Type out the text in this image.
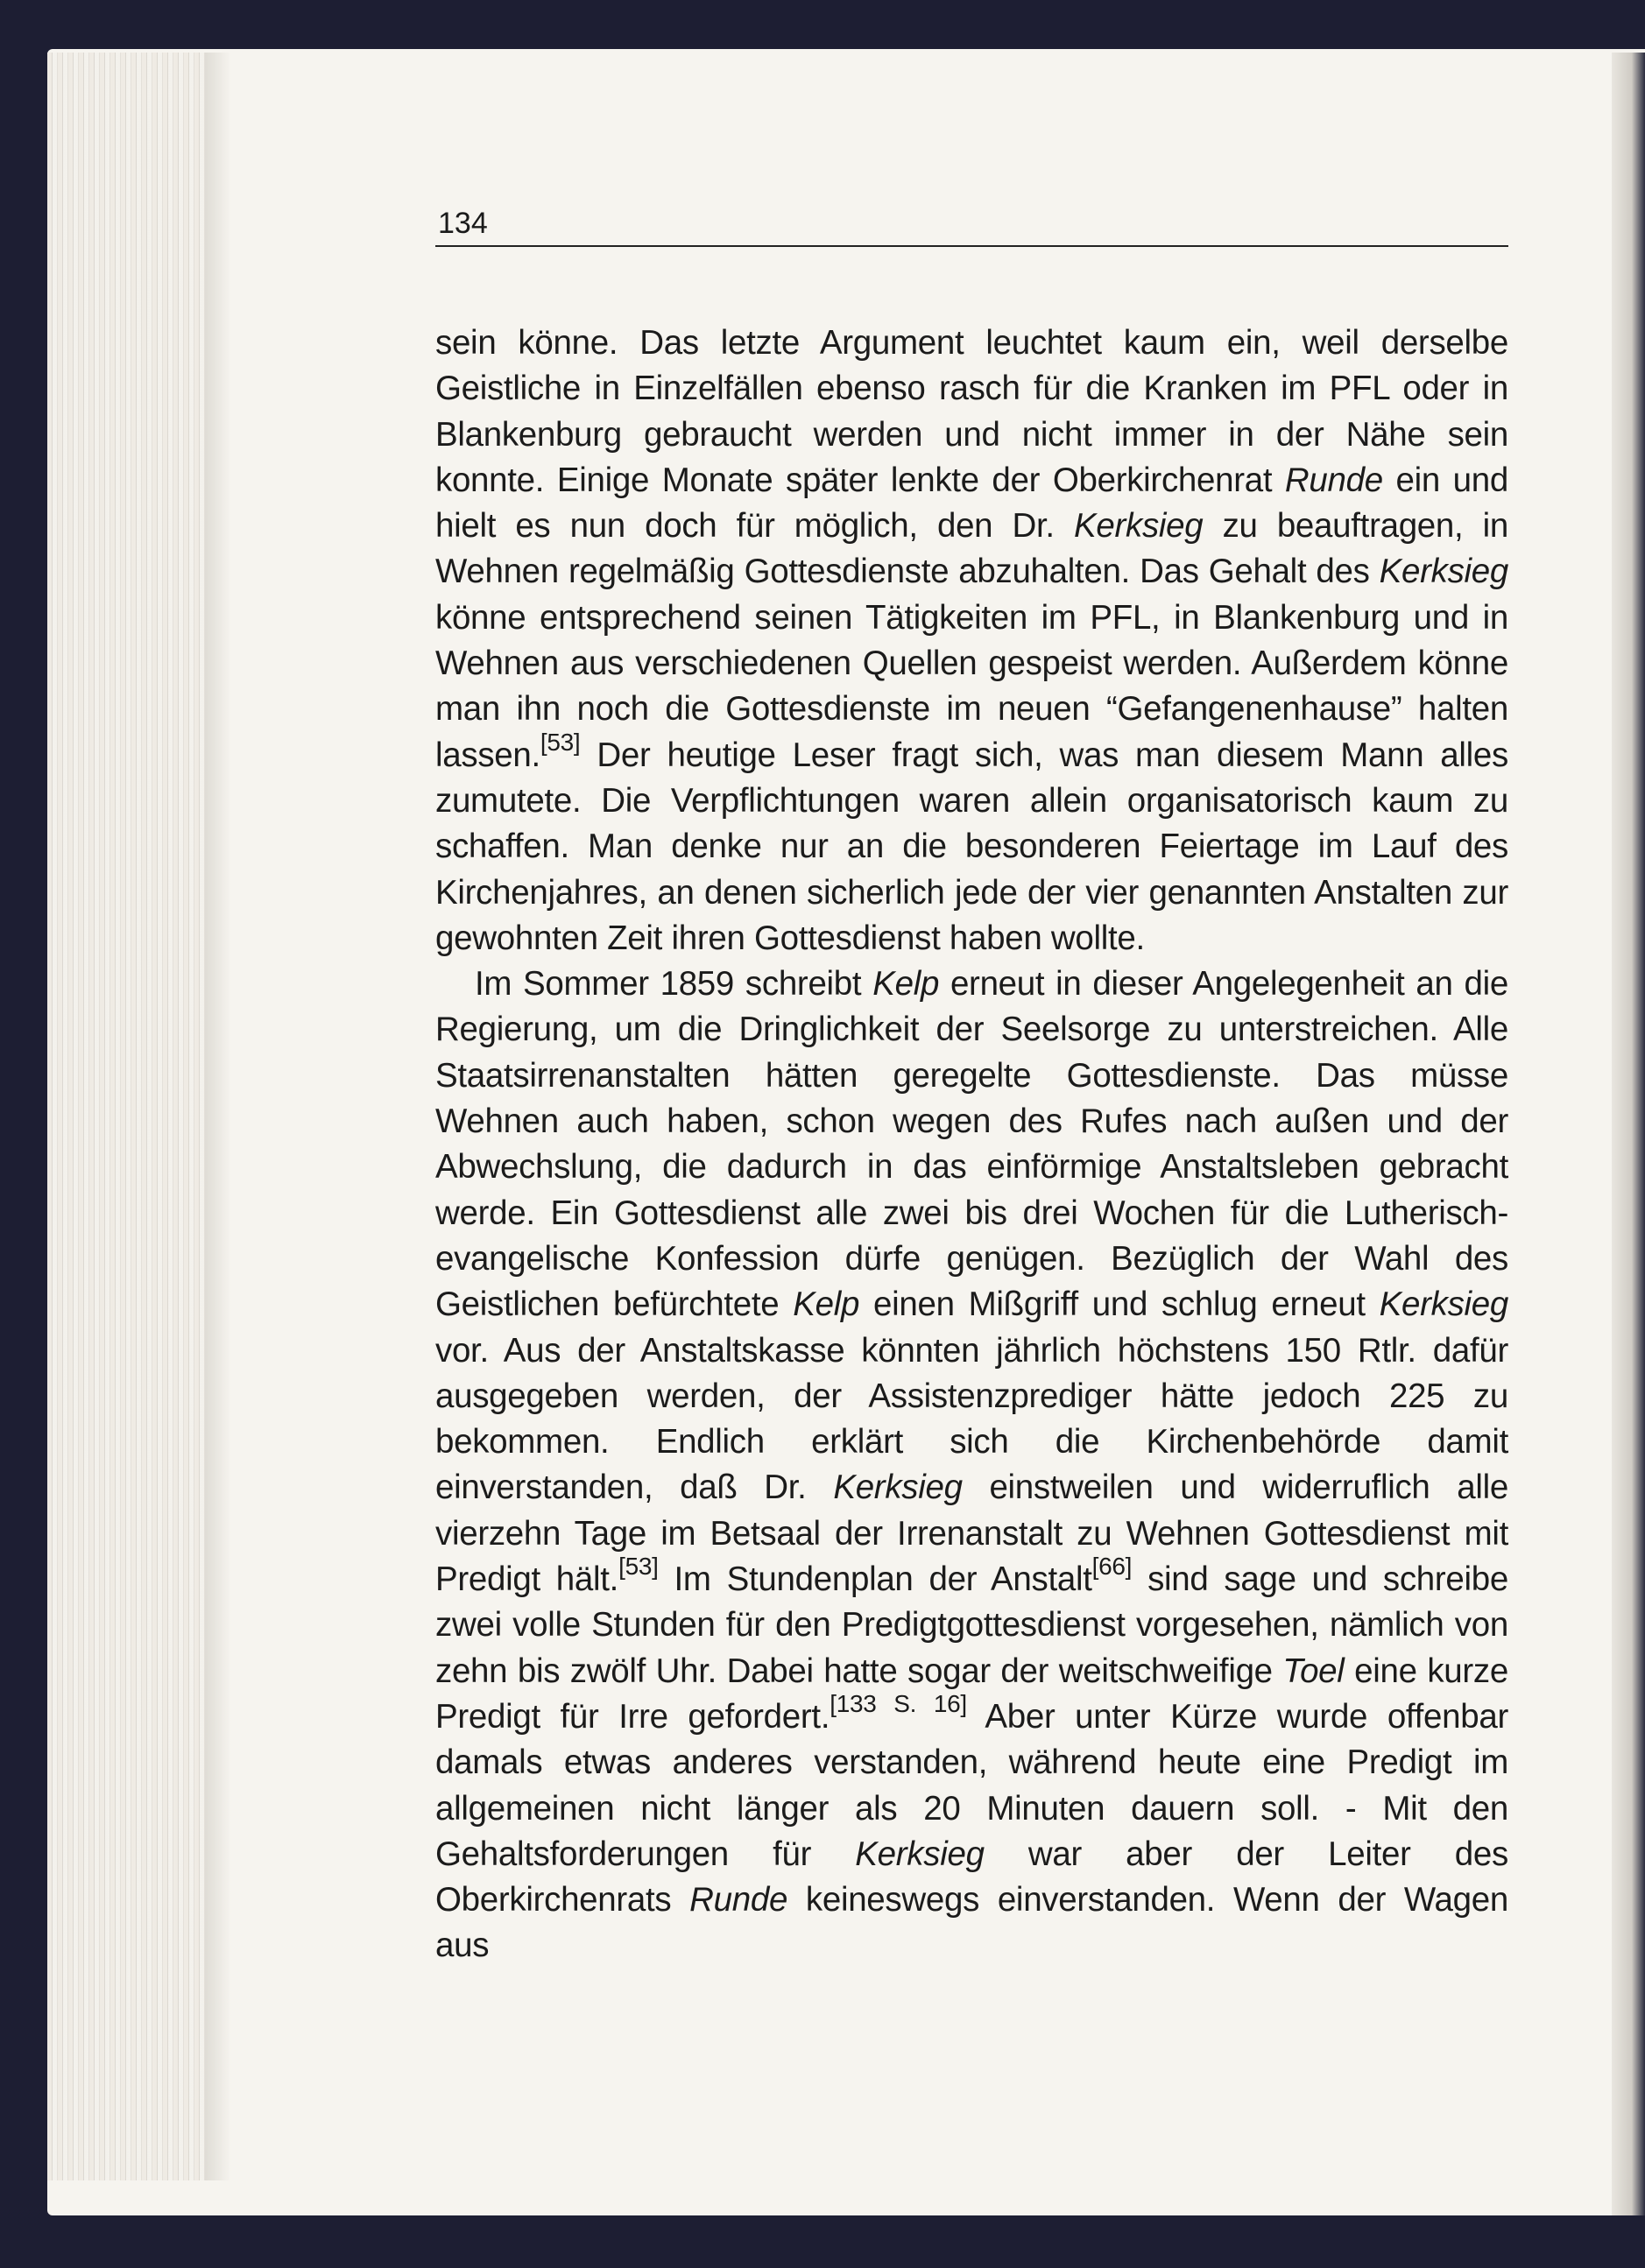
134

sein könne. Das letzte Argument leuchtet kaum ein, weil derselbe Geistliche in Einzelfällen ebenso rasch für die Kranken im PFL oder in Blankenburg gebraucht werden und nicht immer in der Nähe sein konnte. Einige Monate später lenkte der Oberkirchenrat Runde ein und hielt es nun doch für möglich, den Dr. Kerksieg zu beauftragen, in Wehnen regelmäßig Gottesdienste abzuhalten. Das Gehalt des Kerksieg könne entsprechend seinen Tätigkeiten im PFL, in Blankenburg und in Wehnen aus verschiedenen Quellen gespeist werden. Außerdem könne man ihn noch die Gottesdienste im neuen “Gefangenenhause” halten lassen.[53] Der heutige Leser fragt sich, was man diesem Mann alles zumutete. Die Verpflichtungen waren allein organisatorisch kaum zu schaffen. Man denke nur an die besonderen Feiertage im Lauf des Kirchenjahres, an denen sicherlich jede der vier genannten Anstalten zur gewohnten Zeit ihren Gottesdienst haben wollte.

Im Sommer 1859 schreibt Kelp erneut in dieser Angelegenheit an die Regierung, um die Dringlichkeit der Seelsorge zu unterstreichen. Alle Staatsirrenanstalten hätten geregelte Gottesdienste. Das müsse Wehnen auch haben, schon wegen des Rufes nach außen und der Abwechslung, die dadurch in das einförmige Anstaltsleben gebracht werde. Ein Gottesdienst alle zwei bis drei Wochen für die Lutherisch-evangelische Konfession dürfe genügen. Bezüglich der Wahl des Geistlichen befürchtete Kelp einen Mißgriff und schlug erneut Kerksieg vor. Aus der Anstaltskasse könnten jährlich höchstens 150 Rtlr. dafür ausgegeben werden, der Assistenzprediger hätte jedoch 225 zu bekommen. Endlich erklärt sich die Kirchenbehörde damit einverstanden, daß Dr. Kerksieg einstweilen und widerruflich alle vierzehn Tage im Betsaal der Irrenanstalt zu Wehnen Gottesdienst mit Predigt hält.[53] Im Stundenplan der Anstalt[66] sind sage und schreibe zwei volle Stunden für den Predigtgottesdienst vorgesehen, nämlich von zehn bis zwölf Uhr. Dabei hatte sogar der weitschweifige Toel eine kurze Predigt für Irre gefordert.[133 S. 16] Aber unter Kürze wurde offenbar damals etwas anderes verstanden, während heute eine Predigt im allgemeinen nicht länger als 20 Minuten dauern soll. - Mit den Gehaltsforderungen für Kerksieg war aber der Leiter des Oberkirchenrats Runde keineswegs einverstanden. Wenn der Wagen aus
